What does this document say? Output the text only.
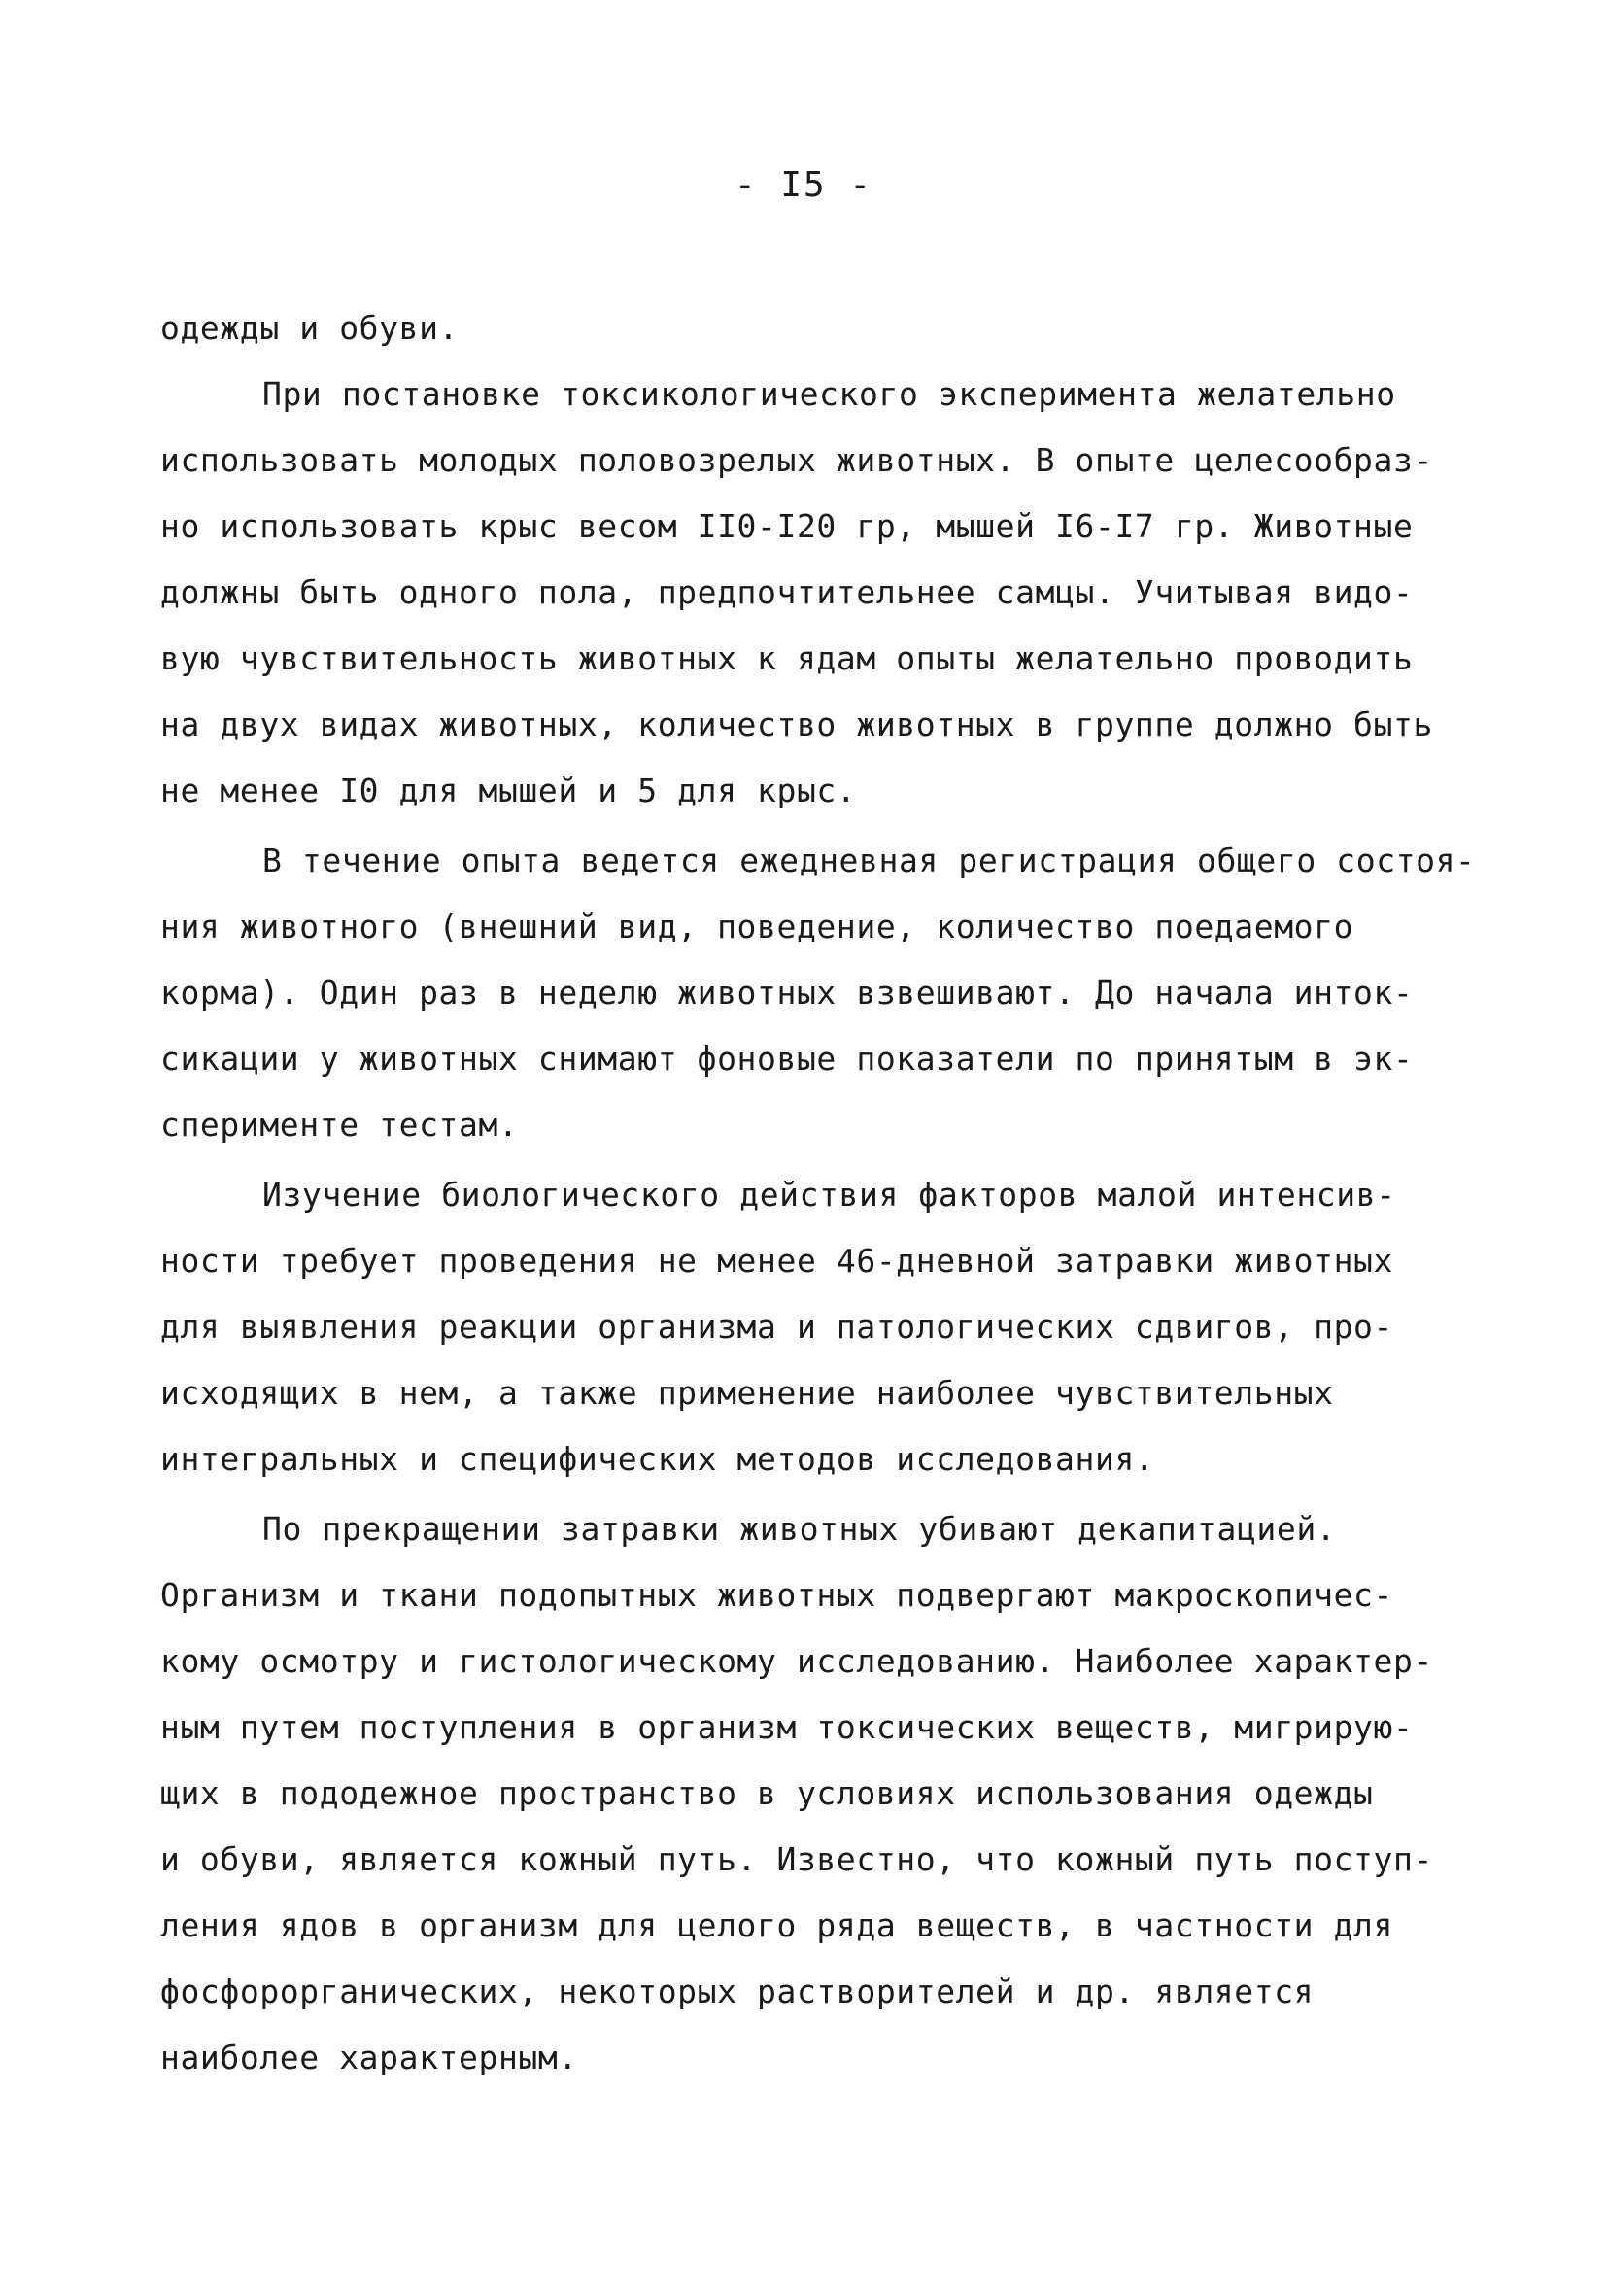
- I5 -
одежды и обуви.
При постановке токсикологического эксперимента желательно
использовать молодых половозрелых животных. В опыте целесообраз-
но использовать крыс весом II0-I20 гр, мышей I6-I7 гр. Животные
должны быть одного пола, предпочтительнее самцы. Учитывая видо-
вую чувствительность животных к ядам опыты желательно проводить
на двух видах животных, количество животных в группе должно быть
не менее I0 для мышей и 5 для крыс.
В течение опыта ведется ежедневная регистрация общего состоя-
ния животного (внешний вид, поведение, количество поедаемого
корма). Один раз в неделю животных взвешивают. До начала инток-
сикации у животных снимают фоновые показатели по принятым в эк-
сперименте тестам.
Изучение биологического действия факторов малой интенсив-
ности требует проведения не менее 46-дневной затравки животных
для выявления реакции организма и патологических сдвигов, про-
исходящих в нем, а также применение наиболее чувствительных
интегральных и специфических методов исследования.
По прекращении затравки животных убивают декапитацией.
Организм и ткани подопытных животных подвергают макроскопичес-
кому осмотру и гистологическому исследованию. Наиболее характер-
ным путем поступления в организм токсических веществ, мигрирую-
щих в пододежное пространство в условиях использования одежды
и обуви, является кожный путь. Известно, что кожный путь поступ-
ления ядов в организм для целого ряда веществ, в частности для
фосфорорганических, некоторых растворителей и др. является
наиболее характерным.
